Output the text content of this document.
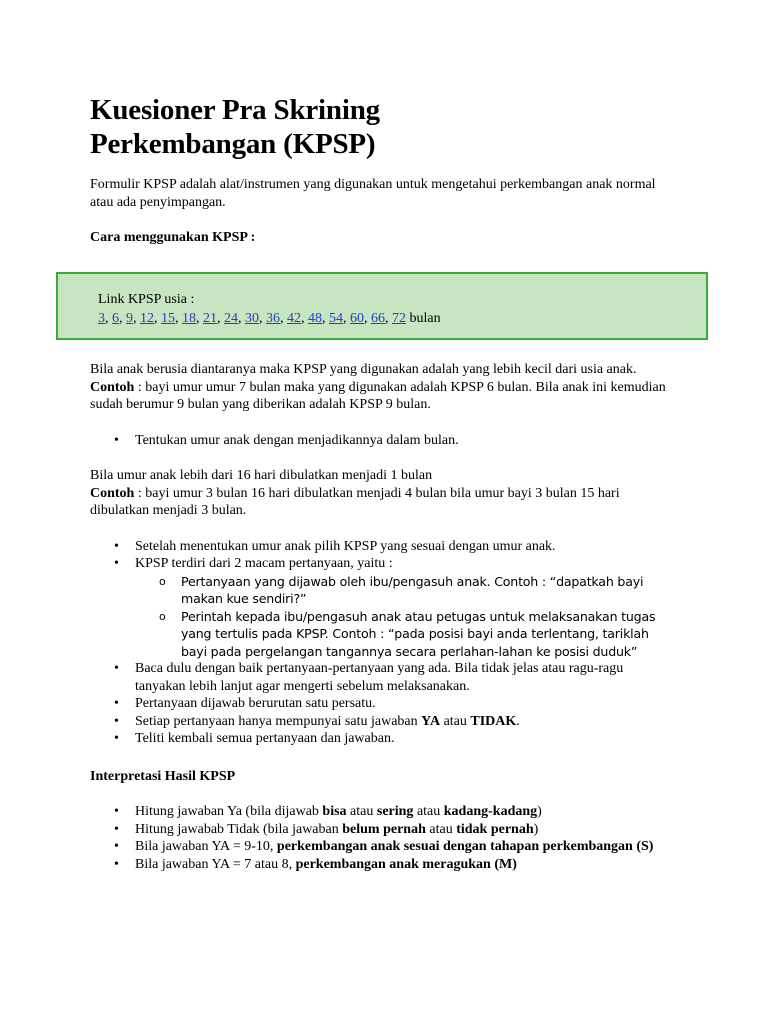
Kuesioner Pra Skrining Perkembangan (KPSP)

Formulir KPSP adalah alat/instrumen yang digunakan untuk mengetahui perkembangan anak normal atau ada penyimpangan.

Cara menggunakan KPSP :

Link KPSP usia :
3, 6, 9, 12, 15, 18, 21, 24, 30, 36, 42, 48, 54, 60, 66, 72 bulan

Bila anak berusia diantaranya maka KPSP yang digunakan adalah yang lebih kecil dari usia anak.

Contoh : bayi umur umur 7 bulan maka yang digunakan adalah KPSP 6 bulan. Bila anak ini kemudian sudah berumur 9 bulan yang diberikan adalah KPSP 9 bulan.

• Tentukan umur anak dengan menjadikannya dalam bulan.

Bila umur anak lebih dari 16 hari dibulatkan menjadi 1 bulan

Contoh : bayi umur 3 bulan 16 hari dibulatkan menjadi 4 bulan bila umur bayi 3 bulan 15 hari dibulatkan menjadi 3 bulan.

• Setelah menentukan umur anak pilih KPSP yang sesuai dengan umur anak.
• KPSP terdiri dari 2 macam pertanyaan, yaitu :
o Pertanyaan yang dijawab oleh ibu/pengasuh anak. Contoh : “dapatkah bayi makan kue sendiri?”
o Perintah kepada ibu/pengasuh anak atau petugas untuk melaksanakan tugas yang tertulis pada KPSP. Contoh : “pada posisi bayi anda terlentang, tariklah bayi pada pergelangan tangannya secara perlahan-lahan ke posisi duduk”
• Baca dulu dengan baik pertanyaan-pertanyaan yang ada. Bila tidak jelas atau ragu-ragu tanyakan lebih lanjut agar mengerti sebelum melaksanakan.
• Pertanyaan dijawab berurutan satu persatu.
• Setiap pertanyaan hanya mempunyai satu jawaban YA atau TIDAK.
• Teliti kembali semua pertanyaan dan jawaban.

Interpretasi Hasil KPSP

• Hitung jawaban Ya (bila dijawab bisa atau sering atau kadang-kadang)
• Hitung jawabab Tidak (bila jawaban belum pernah atau tidak pernah)
• Bila jawaban YA = 9-10, perkembangan anak sesuai dengan tahapan perkembangan (S)
• Bila jawaban YA = 7 atau 8, perkembangan anak meragukan (M)
